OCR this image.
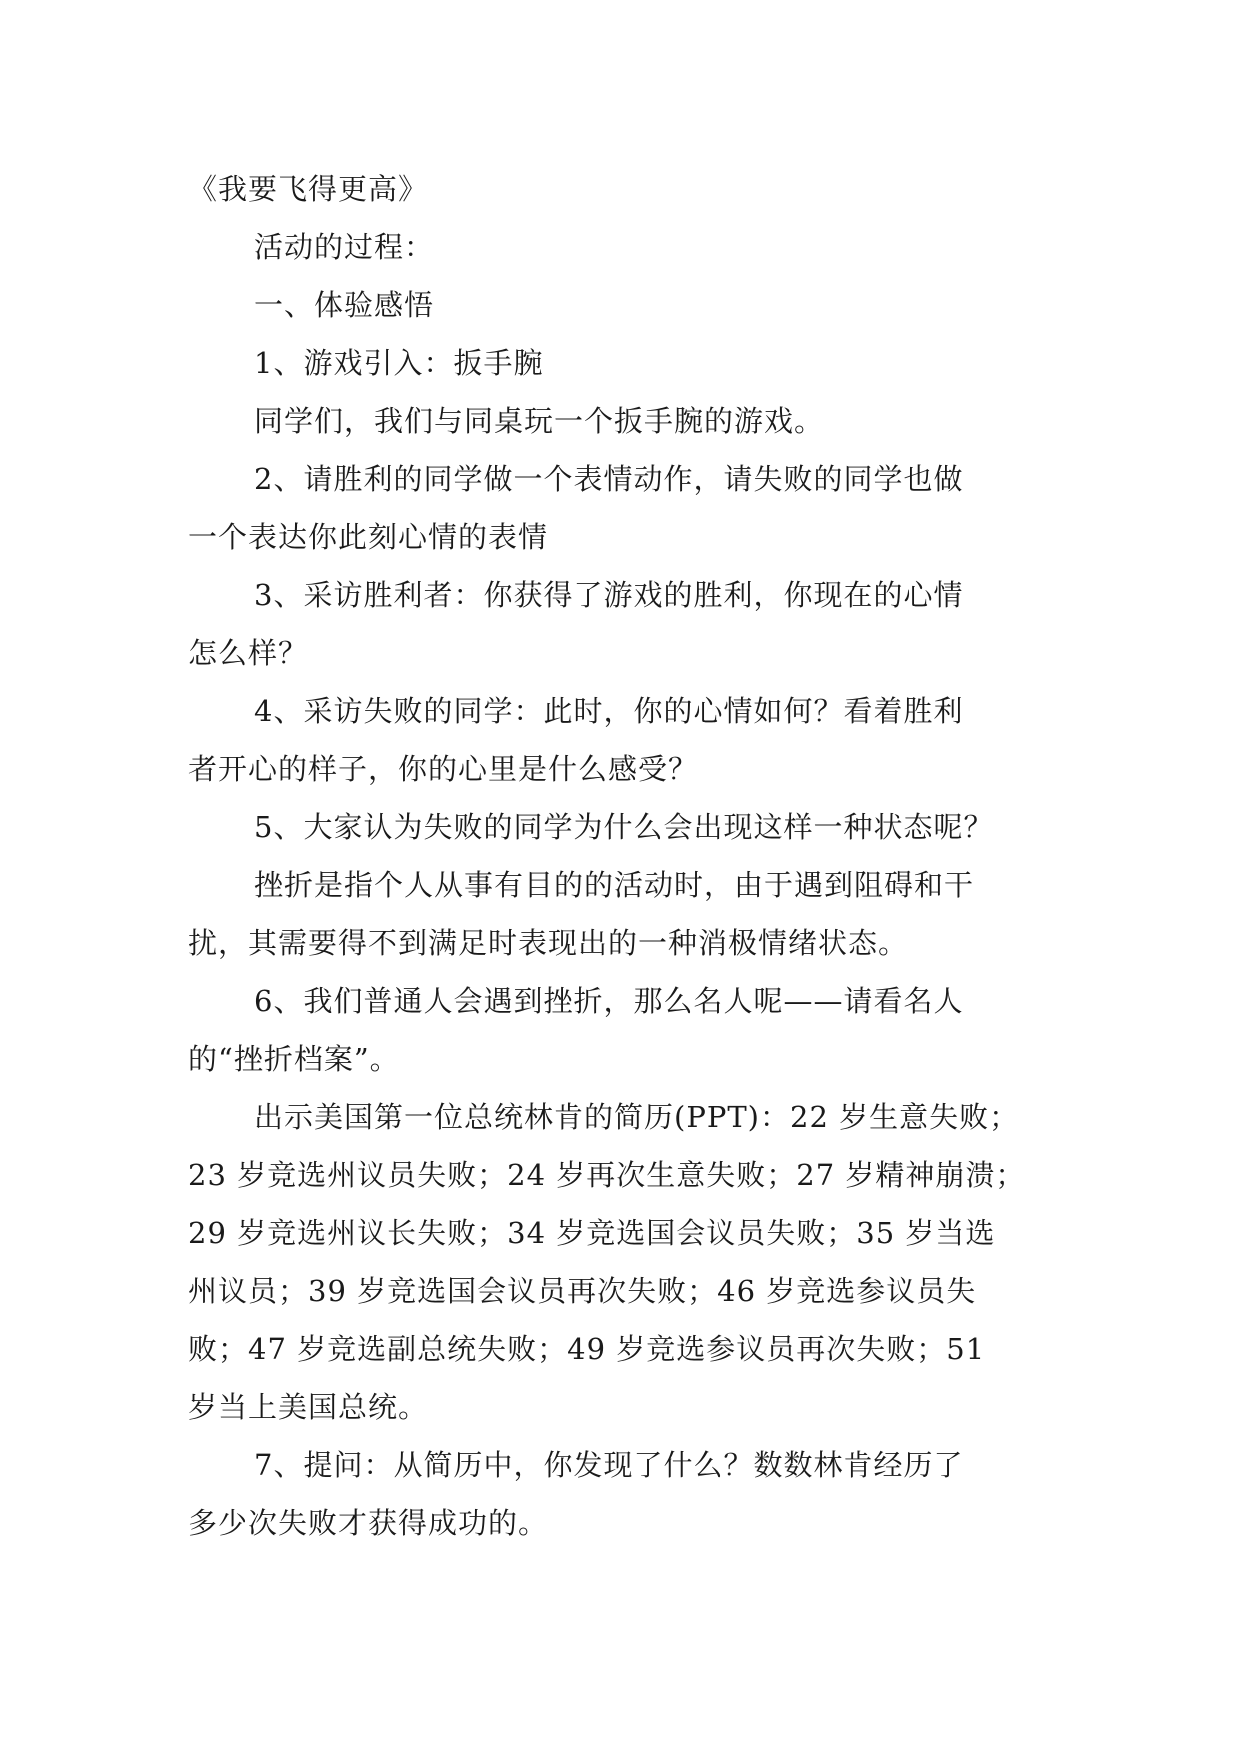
《我要飞得更高》
活动的过程：
一、体验感悟
1、游戏引入：扳手腕
同学们，我们与同桌玩一个扳手腕的游戏。
2、请胜利的同学做一个表情动作，请失败的同学也做
一个表达你此刻心情的表情
3、采访胜利者：你获得了游戏的胜利，你现在的心情
怎么样？
4、采访失败的同学：此时，你的心情如何？看着胜利
者开心的样子，你的心里是什么感受？
5、大家认为失败的同学为什么会出现这样一种状态呢？
挫折是指个人从事有目的的活动时，由于遇到阻碍和干
扰，其需要得不到满足时表现出的一种消极情绪状态。
6、我们普通人会遇到挫折，那么名人呢——请看名人
的“挫折档案”。
出示美国第一位总统林肯的简历(PPT)：22 岁生意失败；
23 岁竞选州议员失败；24 岁再次生意失败；27 岁精神崩溃；
29 岁竞选州议长失败；34 岁竞选国会议员失败；35 岁当选
州议员；39 岁竞选国会议员再次失败；46 岁竞选参议员失
败；47 岁竞选副总统失败；49 岁竞选参议员再次失败；51
岁当上美国总统。
7、提问：从简历中，你发现了什么？数数林肯经历了
多少次失败才获得成功的。
